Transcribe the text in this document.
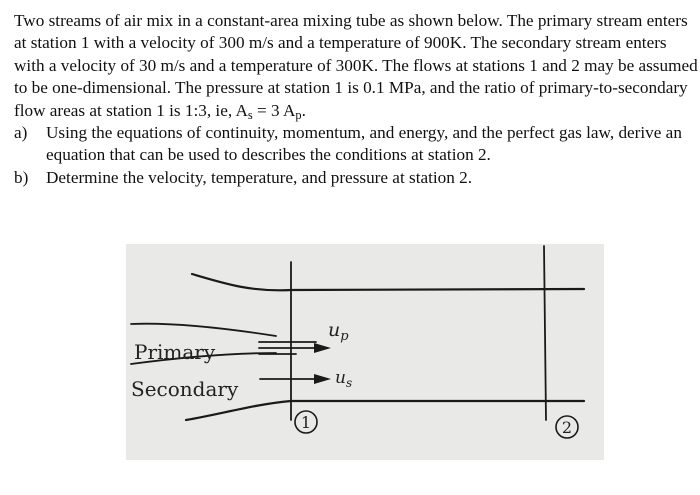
Two streams of air mix in a constant-area mixing tube as shown below. The primary stream enters at station 1 with a velocity of 300 m/s and a temperature of 900K. The secondary stream enters with a velocity of 30 m/s and a temperature of 300K. The flows at stations 1 and 2 may be assumed to be one-dimensional. The pressure at station 1 is 0.1 MPa, and the ratio of primary-to-secondary flow areas at station 1 is 1:3, ie, $A_s = 3$ $A_p$.

a)	Using the equations of continuity, momentum, and energy, and the perfect gas law, derive an equation that can be used to describes the conditions at station 2.
b)	Determine the velocity, temperature, and pressure at station 2.
Primary
Secondary
$u_p$
$u_s$
1	2
